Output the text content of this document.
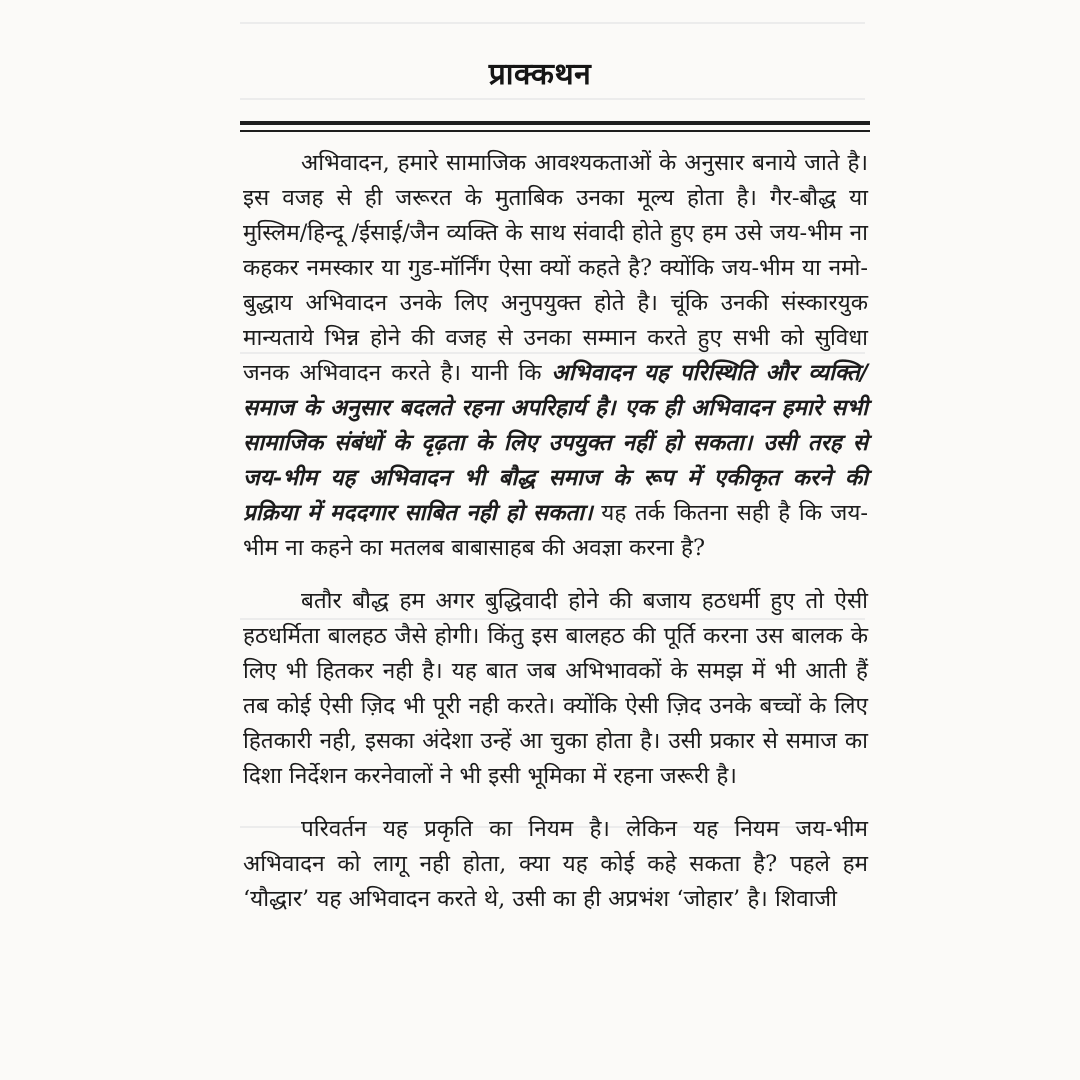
प्राक्कथन

अभिवादन, हमारे सामाजिक आवश्यकताओं के अनुसार बनाये जाते है। इस वजह से ही जरूरत के मुताबिक उनका मूल्य होता है। गैर-बौद्ध या मुस्लिम/हिन्दू /ईसाई/जैन व्यक्ति के साथ संवादी होते हुए हम उसे जय-भीम ना कहकर नमस्कार या गुड-मॉर्निंग ऐसा क्यों कहते है? क्योंकि जय-भीम या नमो-बुद्धाय अभिवादन उनके लिए अनुपयुक्त होते है। चूंकि उनकी संस्कारयुक मान्यताये भिन्न होने की वजह से उनका सम्मान करते हुए सभी को सुविधा जनक अभिवादन करते है। यानी कि अभिवादन यह परिस्थिति और व्यक्ति/समाज के अनुसार बदलते रहना अपरिहार्य है। एक ही अभिवादन हमारे सभी सामाजिक संबंधों के दृढ़ता के लिए उपयुक्त नहीं हो सकता। उसी तरह से जय-भीम यह अभिवादन भी बौद्ध समाज के रूप में एकीकृत करने की प्रक्रिया में मददगार साबित नही हो सकता। यह तर्क कितना सही है कि जय-भीम ना कहने का मतलब बाबासाहब की अवज्ञा करना है?

बतौर बौद्ध हम अगर बुद्धिवादी होने की बजाय हठधर्मी हुए तो ऐसी हठधर्मिता बालहठ जैसे होगी। किंतु इस बालहठ की पूर्ति करना उस बालक के लिए भी हितकर नही है। यह बात जब अभिभावकों के समझ में भी आती हैं तब कोई ऐसी ज़िद भी पूरी नही करते। क्योंकि ऐसी ज़िद उनके बच्चों के लिए हितकारी नही, इसका अंदेशा उन्हें आ चुका होता है। उसी प्रकार से समाज का दिशा निर्देशन करनेवालों ने भी इसी भूमिका में रहना जरूरी है।

परिवर्तन यह प्रकृति का नियम है। लेकिन यह नियम जय-भीम अभिवादन को लागू नही होता, क्या यह कोई कहे सकता है? पहले हम ‘यौद्धार’ यह अभिवादन करते थे, उसी का ही अप्रभंश ‘जोहार’ है। शिवाजी
